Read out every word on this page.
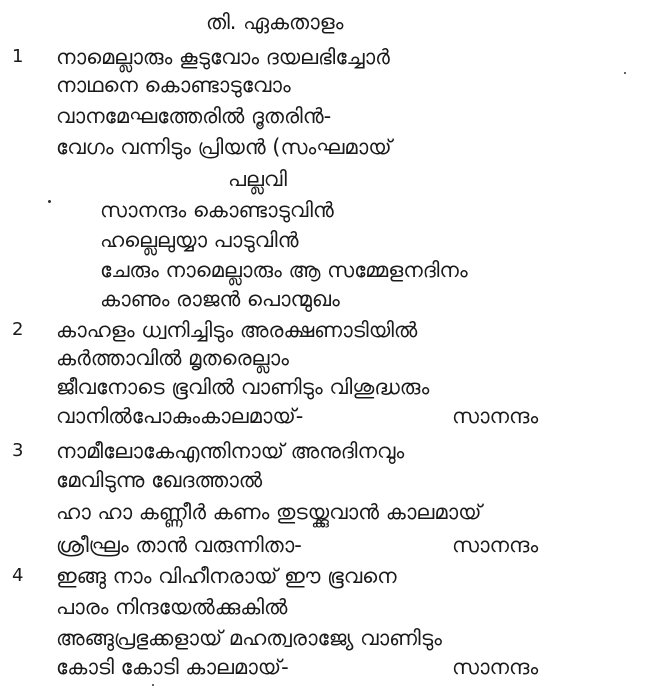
തി. ഏകതാളം
1 നാമെല്ലാരും കൂടുവോം ദയലഭിച്ചോർ
നാഥനെ കൊണ്ടാടുവോം
വാനമേഘത്തേരിൽ ദൂതരിൻ-
വേഗം വന്നിടും പ്രിയൻ (സംഘമായ്
പല്ലവി
സാനന്ദം കൊണ്ടാടുവിൻ
ഹല്ലെലുയ്യാ പാടുവിൻ
ചേരും നാമെല്ലാരും ആ സമ്മേളനദിനം
കാണും രാജൻ പൊന്മുഖം
2 കാഹളം ധ്വനിച്ചിടും അരക്ഷണാടിയിൽ
കർത്താവിൽ മൃതരെല്ലാം
ജീവനോടെ ഭൂവിൽ വാണിടും വിശുദ്ധരും
വാനിൽപോകുംകാലമായ്-	സാനന്ദം
3 നാമീലോകേഎന്തിനായ് അനുദിനവും
മേവിടുന്നു ഖേദത്താൽ
ഹാ ഹാ കണ്ണീർ കണം തുടയ്ക്കുവാൻ കാലമായ്
ശ്രീഘ്രം താൻ വരുന്നിതാ-	സാനന്ദം
4 ഇങ്ങു നാം വിഹീനരായ് ഈ ഭൂവനെ
പാരം നിന്ദയേൽക്കുകിൽ
അങ്ങുപ്രഭുക്കളായ് മഹത്വരാജ്യേ വാണിടും
കോടി കോടി കാലമായ്-	സാനന്ദം
